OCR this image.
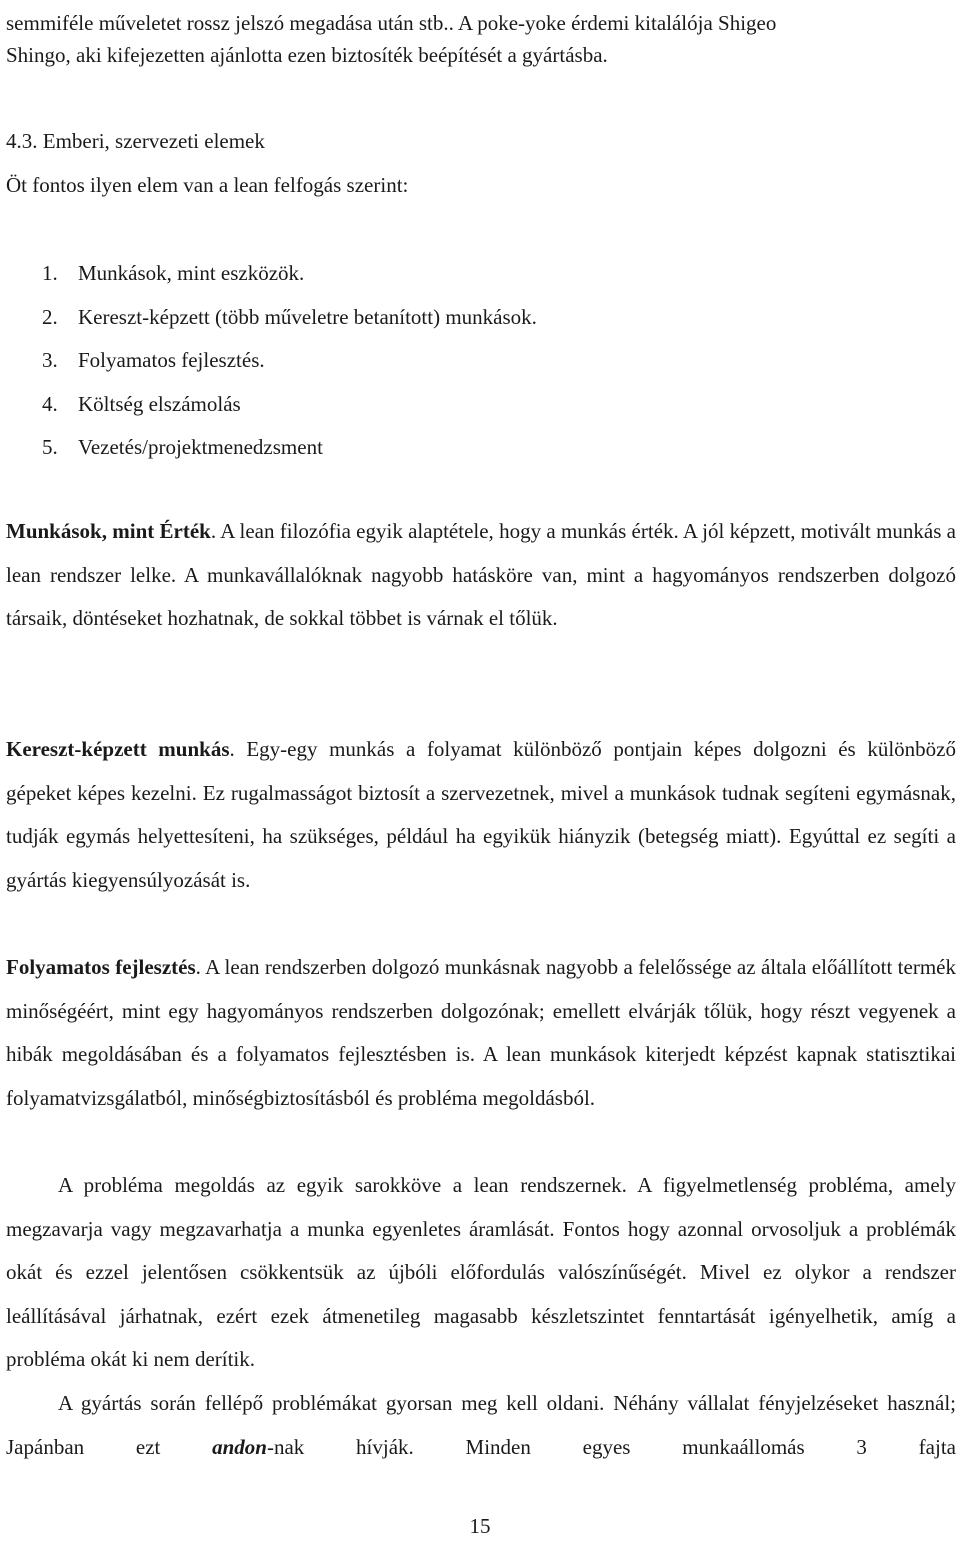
semmiféle műveletet rossz jelszó megadása után stb.. A poke-yoke érdemi kitalálója Shigeo

Shingo, aki kifejezetten ajánlotta ezen biztosíték beépítését a gyártásba.

4.3. Emberi, szervezeti elemek

Öt fontos ilyen elem van a lean felfogás szerint:

1. Munkások, mint eszközök.
2. Kereszt-képzett (több műveletre betanított) munkások.
3. Folyamatos fejlesztés.
4. Költség elszámolás
5. Vezetés/projektmenedzsment

Munkások, mint Érték. A lean filozófia egyik alaptétele, hogy a munkás érték. A jól képzett, motivált munkás a lean rendszer lelke. A munkavállalóknak nagyobb hatásköre van, mint a hagyományos rendszerben dolgozó társaik, döntéseket hozhatnak, de sokkal többet is várnak el tőlük.

Kereszt-képzett munkás. Egy-egy munkás a folyamat különböző pontjain képes dolgozni és különböző gépeket képes kezelni. Ez rugalmasságot biztosít a szervezetnek, mivel a munkások tudnak segíteni egymásnak, tudják egymás helyettesíteni, ha szükséges, például ha egyikük hiányzik (betegség miatt). Egyúttal ez segíti a gyártás kiegyensúlyozását is.

Folyamatos fejlesztés. A lean rendszerben dolgozó munkásnak nagyobb a felelőssége az általa előállított termék minőségéért, mint egy hagyományos rendszerben dolgozónak; emellett elvárják tőlük, hogy részt vegyenek a hibák megoldásában és a folyamatos fejlesztésben is. A lean munkások kiterjedt képzést kapnak statisztikai folyamatvizsgálatból, minőségbiztosításból és probléma megoldásból.

A probléma megoldás az egyik sarokköve a lean rendszernek. A figyelmetlenség probléma, amely megzavarja vagy megzavarhatja a munka egyenletes áramlását. Fontos hogy azonnal orvosoljuk a problémák okát és ezzel jelentősen csökkentsük az újbóli előfordulás valószínűségét. Mivel ez olykor a rendszer leállításával járhatnak, ezért ezek átmenetileg magasabb készletszintet fenntartását igényelhetik, amíg a probléma okát ki nem derítik.

A gyártás során fellépő problémákat gyorsan meg kell oldani. Néhány vállalat fényjelzéseket használ; Japánban ezt andon-nak hívják. Minden egyes munkaállomás 3 fajta

15
